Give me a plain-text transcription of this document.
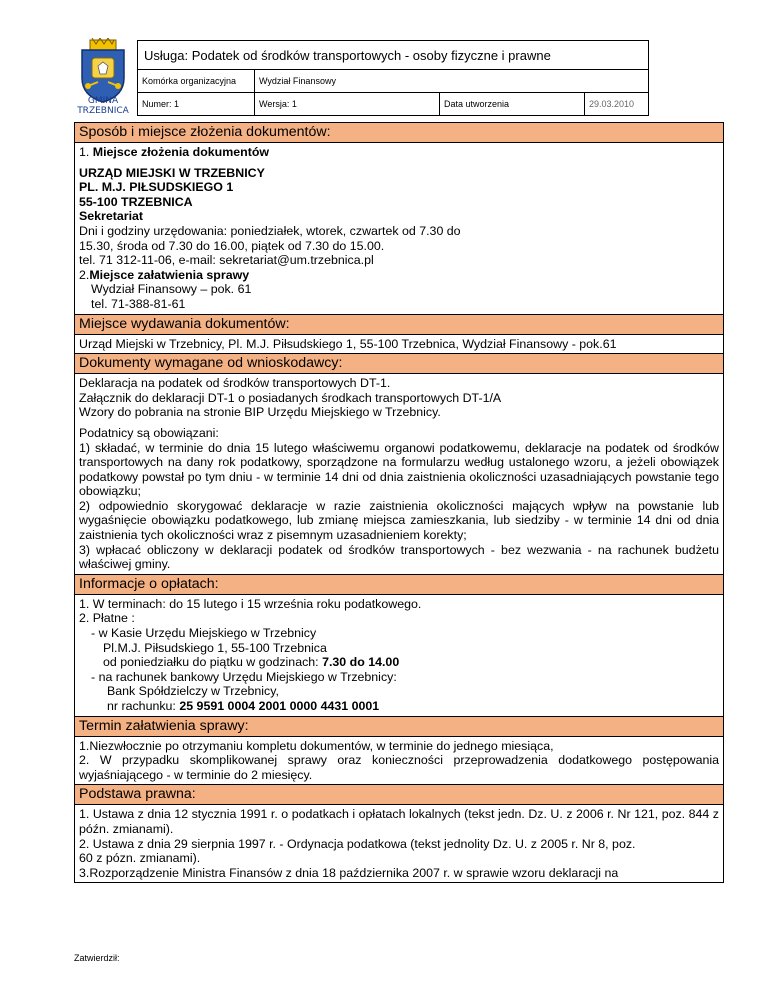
GMINA
TRZEBNICA
Usługa: Podatek od środków transportowych - osoby fizyczne i prawne			
Komórka organizacyjna	Wydział Finansowy		
Numer: 1	Wersja: 1	Data utworzenia	29.03.2010
Sposób i miejsce złożenia dokumentów:

1. Miejsce złożenia dokumentów

URZĄD MIEJSKI W TRZEBNICY

PL. M.J. PIŁSUDSKIEGO 1

55-100 TRZEBNICA

Sekretariat

Dni i godziny urzędowania: poniedziałek, wtorek, czwartek od 7.30 do

15.30, środa od 7.30 do 16.00, piątek od 7.30 do 15.00.

tel. 71 312-11-06, e-mail: sekretariat@um.trzebnica.pl

2.Miejsce załatwienia sprawy

Wydział Finansowy – pok. 61

tel. 71-388-81-61

Miejsce wydawania dokumentów:
Urząd Miejski w Trzebnicy, Pl. M.J. Piłsudskiego 1, 55-100 Trzebnica, Wydział Finansowy - pok.61
Dokumenty wymagane od wnioskodawcy:

Deklaracja na podatek od środków transportowych DT-1.

Załącznik do deklaracji DT-1 o posiadanych środkach transportowych DT-1/A

Wzory do pobrania na stronie BIP Urzędu Miejskiego w Trzebnicy.

Podatnicy są obowiązani:

1) składać, w terminie do dnia 15 lutego właściwemu organowi podatkowemu, deklaracje na podatek od środków transportowych na dany rok podatkowy, sporządzone na formularzu według ustalonego wzoru, a jeżeli obowiązek podatkowy powstał po tym dniu - w terminie 14 dni od dnia zaistnienia okoliczności uzasadniających powstanie tego obowiązku;

2) odpowiednio skorygować deklaracje w razie zaistnienia okoliczności mających wpływ na powstanie lub wygaśnięcie obowiązku podatkowego, lub zmianę miejsca zamieszkania, lub siedziby - w terminie 14 dni od dnia zaistnienia tych okoliczności wraz z pisemnym uzasadnieniem korekty;

3) wpłacać obliczony w deklaracji podatek od środków transportowych - bez wezwania - na rachunek budżetu właściwej gminy.

Informacje o opłatach:

1. W terminach: do 15 lutego i 15 września roku podatkowego.

2. Płatne :

- w Kasie Urzędu Miejskiego w Trzebnicy

Pl.M.J. Piłsudskiego 1, 55-100 Trzebnica

od poniedziałku do piątku w godzinach: 7.30 do 14.00

- na rachunek bankowy Urzędu Miejskiego w Trzebnicy:

Bank Spółdzielczy w Trzebnicy,

nr rachunku: 25 9591 0004 2001 0000 4431 0001

Termin załatwienia sprawy:

1.Niezwłocznie po otrzymaniu kompletu dokumentów, w terminie do jednego miesiąca,

2. W przypadku skomplikowanej sprawy oraz konieczności przeprowadzenia dodatkowego postępowania wyjaśniającego - w terminie do 2 miesięcy.

Podstawa prawna:

1. Ustawa z dnia 12 stycznia 1991 r. o podatkach i opłatach lokalnych (tekst jedn. Dz. U. z 2006 r. Nr 121, poz. 844 z późn. zmianami).

2. Ustawa z dnia 29 sierpnia 1997 r. - Ordynacja podatkowa (tekst jednolity Dz. U. z 2005 r. Nr 8, poz.
60 z pózn. zmianami).

3.Rozporządzenie Ministra Finansów z dnia 18 października 2007 r. w sprawie wzoru deklaracji na

Zatwierdził:
